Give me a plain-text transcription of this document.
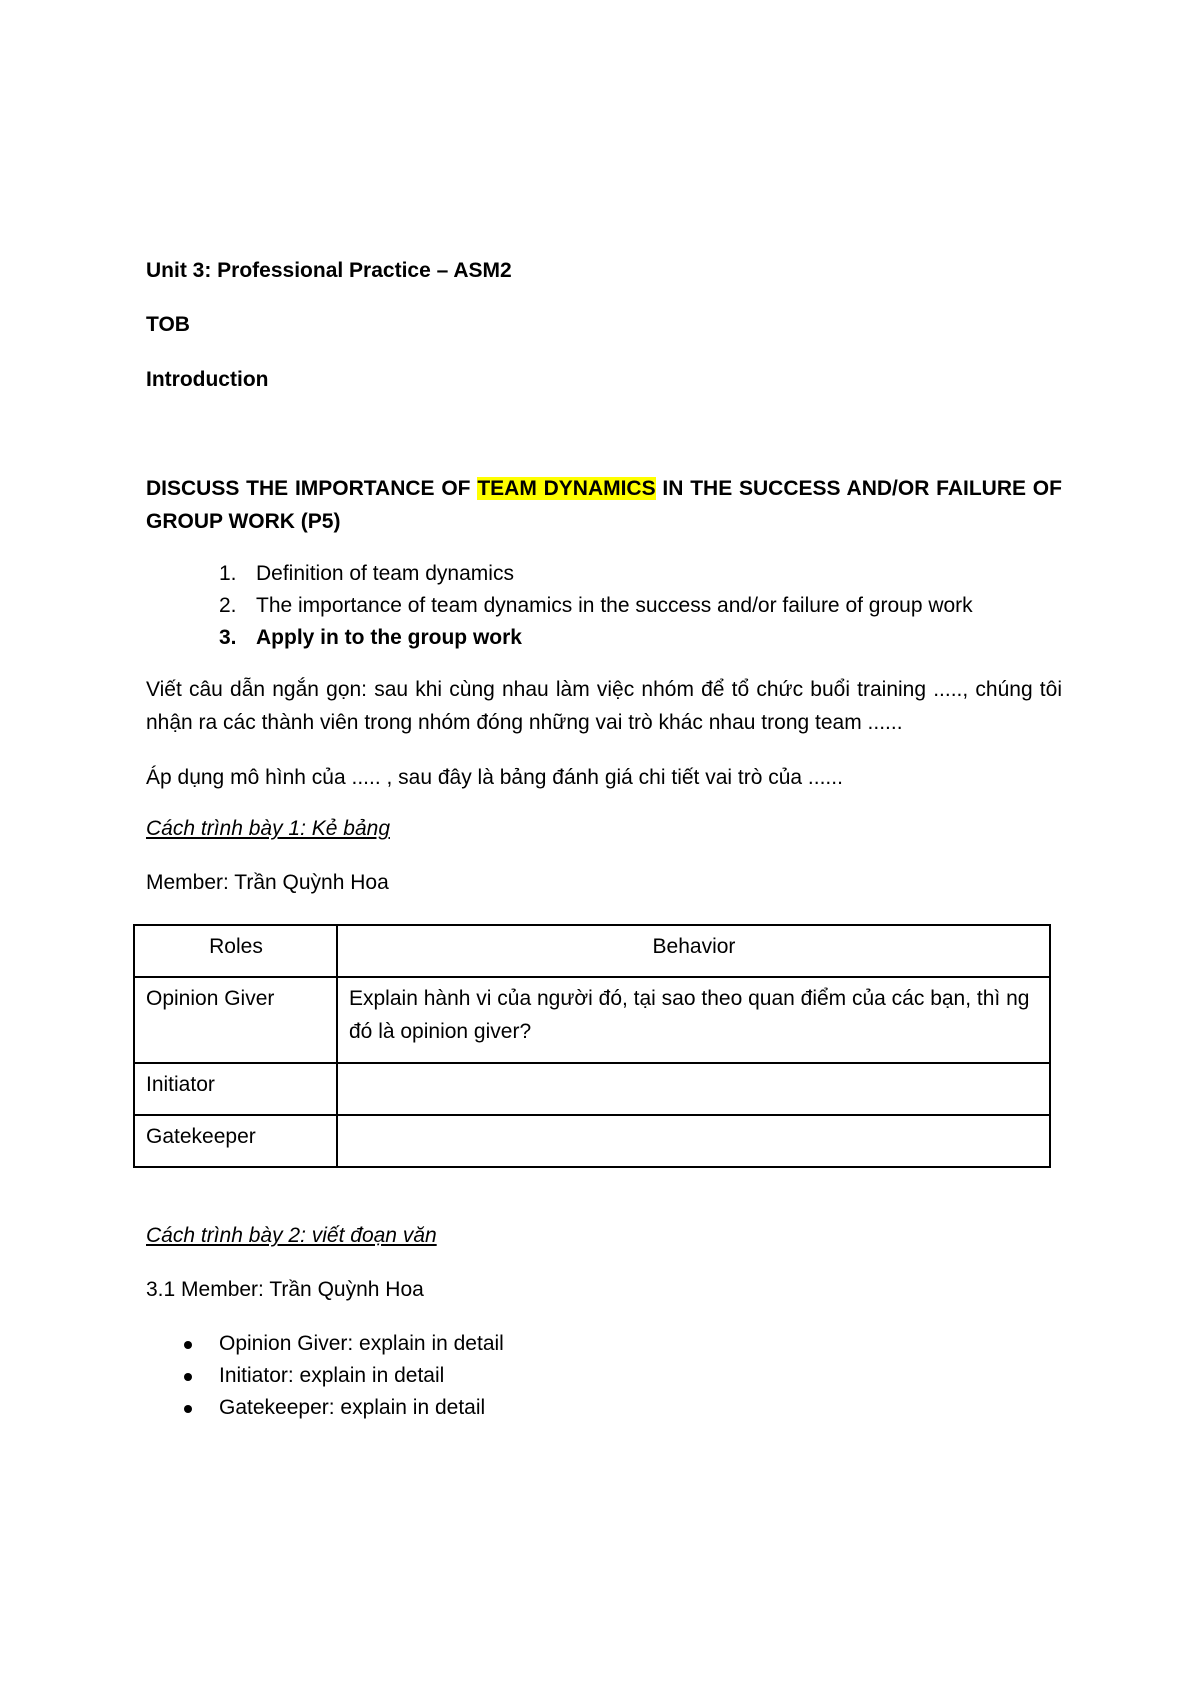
Unit 3: Professional Practice – ASM2
TOB
Introduction
DISCUSS THE IMPORTANCE OF TEAM DYNAMICS IN THE SUCCESS AND/OR FAILURE OF GROUP WORK (P5)
1. Definition of team dynamics
2. The importance of team dynamics in the success and/or failure of group work
3. Apply in to the group work
Viết câu dẫn ngắn gọn: sau khi cùng nhau làm việc nhóm để tổ chức buổi training ....., chúng tôi nhận ra các thành viên trong nhóm đóng những vai trò khác nhau trong team ......
Áp dụng mô hình của ..... , sau đây là bảng đánh giá chi tiết vai trò của ......
Cách trình bày 1: Kẻ bảng
Member: Trần Quỳnh Hoa
Roles	Behavior
Opinion Giver	Explain hành vi của người đó, tại sao theo quan điểm của các bạn, thì ng đó là opinion giver?
Initiator	
Gatekeeper	
Cách trình bày 2: viết đoạn văn
3.1 Member: Trần Quỳnh Hoa
Opinion Giver: explain in detail
Initiator: explain in detail
Gatekeeper: explain in detail
